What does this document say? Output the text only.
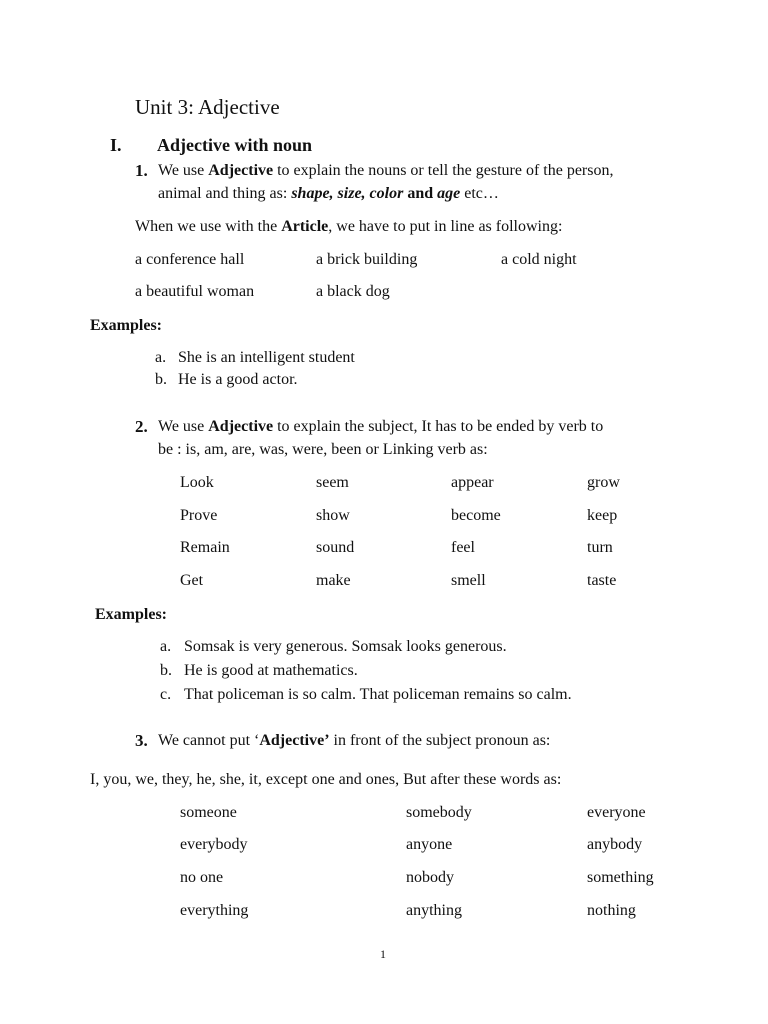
Unit 3: Adjective
I. Adjective with noun
1. We use Adjective to explain the nouns or tell the gesture of the person,
animal and thing as: shape, size, color and age etc…
When we use with the Article, we have to put in line as following:
a conference hall	a brick building	a cold night
a beautiful woman	a black dog
Examples:
a. She is an intelligent student
b. He is a good actor.
2. We use Adjective to explain the subject, It has to be ended by verb to
be : is, am, are, was, were, been or Linking verb as:
Look	seem	appear	grow
Prove	show	become	keep
Remain	sound	feel	turn
Get	make	smell	taste
Examples:
a. Somsak is very generous. Somsak looks generous.
b. He is good at mathematics.
c. That policeman is so calm. That policeman remains so calm.
3. We cannot put ‘Adjective’ in front of the subject pronoun as:
I, you, we, they, he, she, it, except one and ones, But after these words as:
someone	somebody	everyone
everybody	anyone	anybody
no one	nobody	something
everything	anything	nothing
1
